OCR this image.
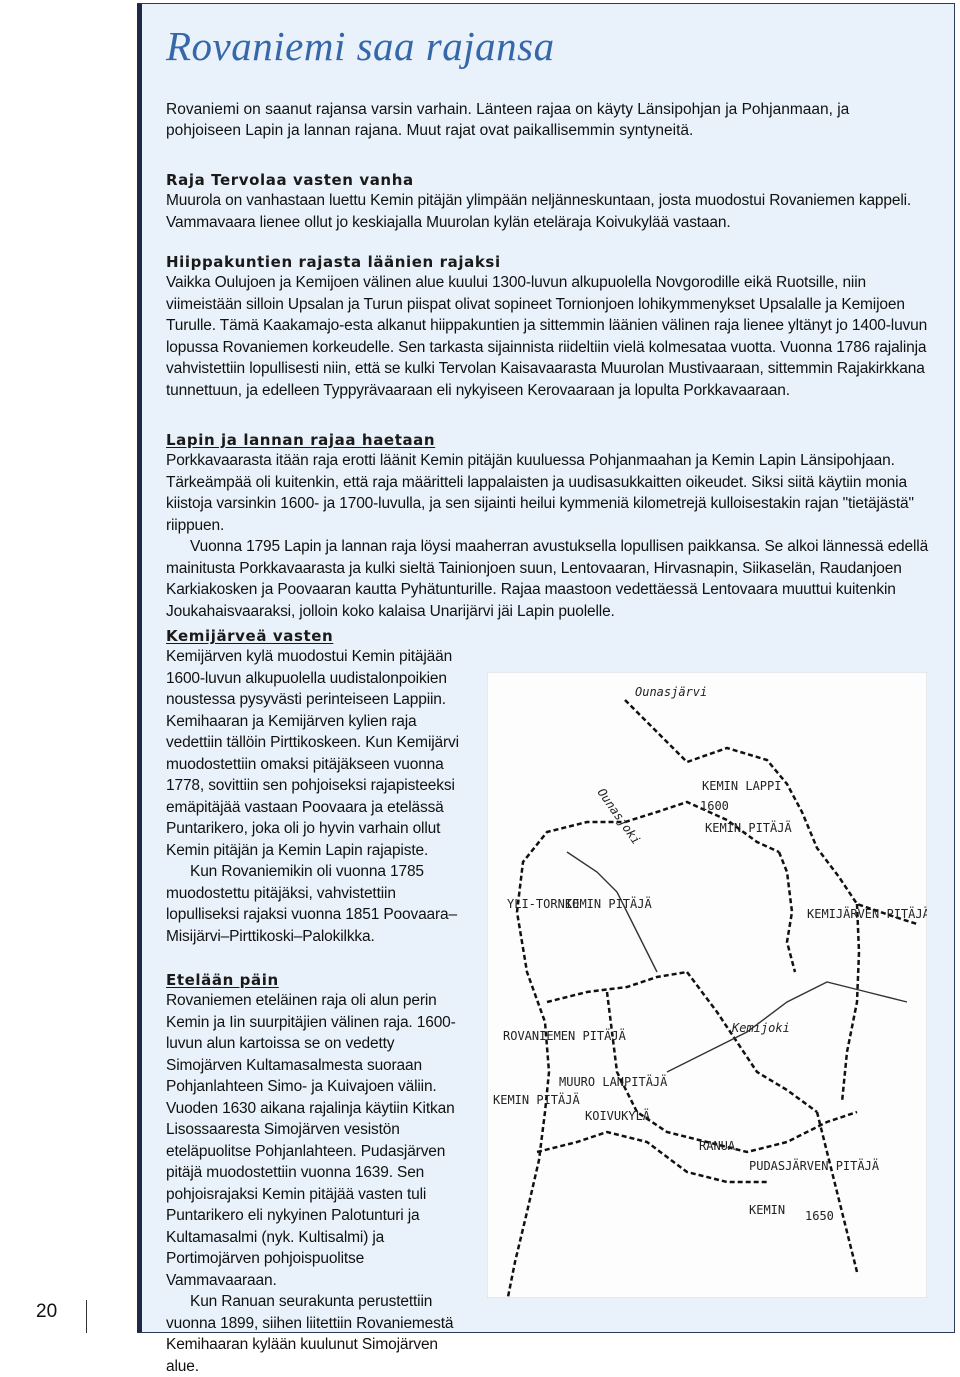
Rovaniemi saa rajansa

Rovaniemi on saanut rajansa varsin varhain. Länteen rajaa on käyty Länsipohjan ja Pohjanmaan, ja pohjoiseen Lapin ja lannan rajana. Muut rajat ovat paikallisemmin syntyneitä.

Raja Tervolaa vasten vanha

Muurola on vanhastaan luettu Kemin pitäjän ylimpään neljänneskuntaan, josta muodostui Rovaniemen kappeli. Vammavaara lienee ollut jo keskiajalla Muurolan kylän eteläraja Koivukylää vastaan.

Hiippakuntien rajasta läänien rajaksi

Vaikka Oulujoen ja Kemijoen välinen alue kuului 1300-luvun alkupuolella Novgorodille eikä Ruotsille, niin viimeistään silloin Upsalan ja Turun piispat olivat sopineet Tornionjoen lohikymmenykset Upsalalle ja Kemijoen Turulle. Tämä Kaakamajo-esta alkanut hiippakuntien ja sittemmin läänien välinen raja lienee yltänyt jo 1400-luvun lopussa Rovaniemen korkeudelle. Sen tarkasta sijainnista riideltiin vielä kolmesataa vuotta. Vuonna 1786 rajalinja vahvistettiin lopullisesti niin, että se kulki Tervolan Kaisavaarasta Muurolan Mustivaaraan, sittemmin Rajakirkkana tunnettuun, ja edelleen Typpyrävaaraan eli nykyiseen Kerovaaraan ja lopulta Porkkavaaraan.

Lapin ja lannan rajaa haetaan

Porkkavaarasta itään raja erotti läänit Kemin pitäjän kuuluessa Pohjanmaahan ja Kemin Lapin Länsipohjaan. Tärkeämpää oli kuitenkin, että raja määritteli lappalaisten ja uudisasukkaitten oikeudet. Siksi siitä käytiin monia kiistoja varsinkin 1600- ja 1700-luvulla, ja sen sijainti heilui kymmeniä kilometrejä kulloisestakin rajan "tietäjästä" riippuen.

Vuonna 1795 Lapin ja lannan raja löysi maaherran avustuksella lopullisen paikkansa. Se alkoi lännessä edellä mainitusta Porkkavaarasta ja kulki sieltä Tainionjoen suun, Lentovaaran, Hirvasnapin, Siikaselän, Raudanjoen Karkiakosken ja Poovaaran kautta Pyhätunturille. Rajaa maastoon vedettäessä Lentovaara muuttui kuitenkin Joukahaisvaaraksi, jolloin koko kalaisa Unarijärvi jäi Lapin puolelle.

Kemijärveä vasten

Kemijärven kylä muodostui Kemin pitäjään 1600-luvun alkupuolella uudistalonpoikien noustessa pysyvästi perinteiseen Lappiin. Kemihaaran ja Kemijärven kylien raja vedettiin tällöin Pirttikoskeen. Kun Kemijärvi muodostettiin omaksi pitäjäkseen vuonna 1778, sovittiin sen pohjoiseksi rajapisteeksi emäpitäjää vastaan Poovaara ja etelässä Puntarikero, joka oli jo hyvin varhain ollut Kemin pitäjän ja Kemin Lapin rajapiste.

Kun Rovaniemikin oli vuonna 1785 muodostettu pitäjäksi, vahvistettiin lopulliseksi rajaksi vuonna 1851 Poovaara–Misijärvi–Pirttikoski–Palokilkka.

Etelään päin

Rovaniemen eteläinen raja oli alun perin Kemin ja Iin suurpitäjien välinen raja. 1600-luvun alun kartoissa se on vedetty Simojärven Kultamasalmesta suoraan Pohjanlahteen Simo- ja Kuivajoen väliin. Vuoden 1630 aikana rajalinja käytiin Kitkan Lisossaaresta Simojärven vesistön eteläpuolitse Pohjanlahteen. Pudasjärven pitäjä muodostettiin vuonna 1639. Sen pohjoisrajaksi Kemin pitäjää vasten tuli Puntarikero eli nykyinen Palotunturi ja Kultamasalmi (nyk. Kultisalmi) ja Portimojärven pohjoispuolitse Vammavaaraan.

Kun Ranuan seurakunta perustettiin vuonna 1899, siihen liitettiin Rovaniemestä Kemihaaran kylään kuulunut Simojärven alue.

Ounasjärvi
KEMIN LAPPI
1600
KEMIN PITÄJÄ
Ounasjoki
YLI-TORNIO
KEMIN PITÄJÄ
KEMIJÄRVEN PITÄJÄ
Kemijoki
ROVANIEMEN PITÄJÄ
MUURO LANPITÄJÄ
KOIVUKYLÄ
KEMIN PITÄJÄ
RANUA
PUDASJÄRVEN PITÄJÄ
KEMIN 1650
20
